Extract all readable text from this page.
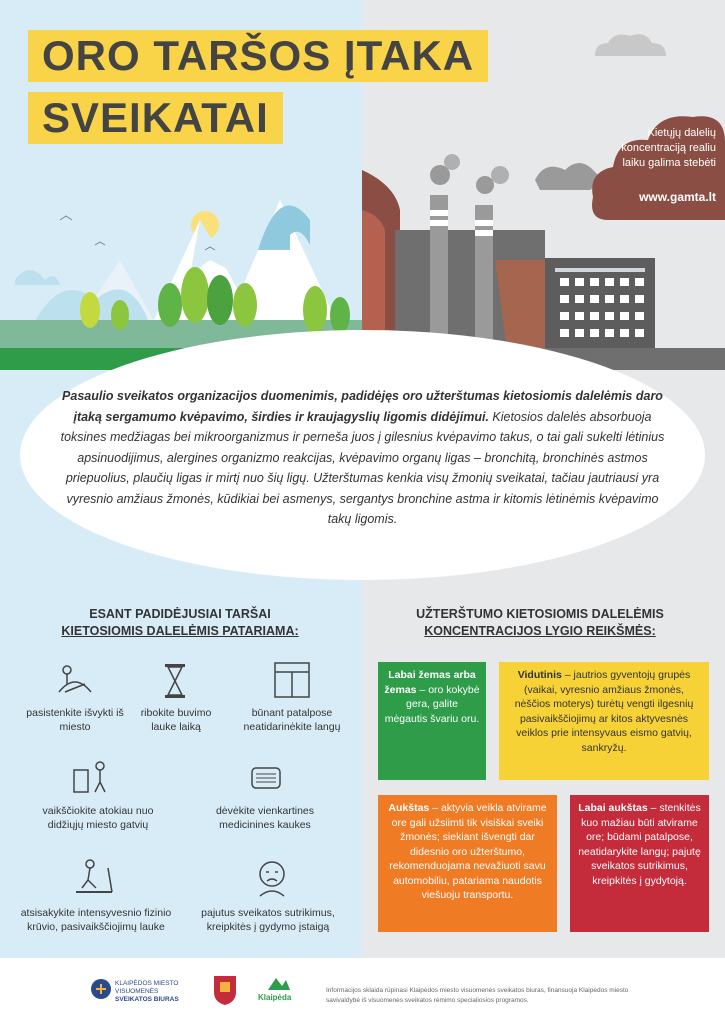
Kietųjų dalelių koncentraciją realiu laiku galima stebėti
www.gamta.lt
ORO TARŠOS ĮTAKA
SVEIKATAI
Pasaulio sveikatos organizacijos duomenimis, padidėjęs oro užterštumas kietosiomis dalelėmis daro įtaką sergamumo kvėpavimo, širdies ir kraujagyslių ligomis didėjimui. Kietosios dalelės absorbuoja toksines medžiagas bei mikroorganizmus ir perneša juos į gilesnius kvėpavimo takus, o tai gali sukelti lėtinius apsinuodijimus, alergines organizmo reakcijas, kvėpavimo organų ligas – bronchitą, bronchinės astmos priepuolius, plaučių ligas ir mirtį nuo šių ligų. Užterštumas kenkia visų žmonių sveikatai, tačiau jautriausi yra vyresnio amžiaus žmonės, kūdikiai bei asmenys, sergantys bronchine astma ir kitomis lėtinėmis kvėpavimo takų ligomis.
ESANT PADIDĖJUSIAI TARŠAI
KIETOSIOMIS DALELĖMIS PATARIAMA:
pasistenkite išvykti iš miesto
ribokite buvimo lauke laiką
būnant patalpose neatidarinėkite langų
vaikščiokite atokiau nuo didžiųjų miesto gatvių
dėvėkite vienkartines medicinines kaukes
atsisakykite intensyvesnio fizinio krūvio, pasivaikščiojimų lauke
pajutus sveikatos sutrikimus, kreipkitės į gydymo įstaigą
UŽTERŠTUMO KIETOSIOMIS DALELĖMIS
KONCENTRACIJOS LYGIO REIKŠMĖS:
Labai žemas arba žemas – oro kokybė gera, galite mėgautis švariu oru.
Vidutinis – jautrios gyventojų grupės (vaikai, vyresnio amžiaus žmonės, nėščios moterys) turėtų vengti ilgesnių pasivaikščiojimų ar kitos aktyvesnės veiklos prie intensyvaus eismo gatvių, sankryžų.
Aukštas – aktyvia veikla atvirame ore gali užsiimti tik visiškai sveiki žmonės; siekiant išvengti dar didesnio oro užterštumo, rekomenduojama nevažiuoti savu automobiliu, patariama naudotis viešuoju transportu.
Labai aukštas – stenkitės kuo mažiau būti atvirame ore; būdami patalpose, neatidarykite langų; pajutę sveikatos sutrikimus, kreipkitės į gydytoją.
KLAIPĖDOS MIESTO
VISUOMENĖS
SVEIKATOS BIURAS	Klaipėda
Informacijos sklaida rūpinasi Klaipėdos miesto visuomenės sveikatos biuras, finansuoja Klaipėdos miesto savivaldybė iš visuomenės sveikatos rėmimo specialiosios programos.
